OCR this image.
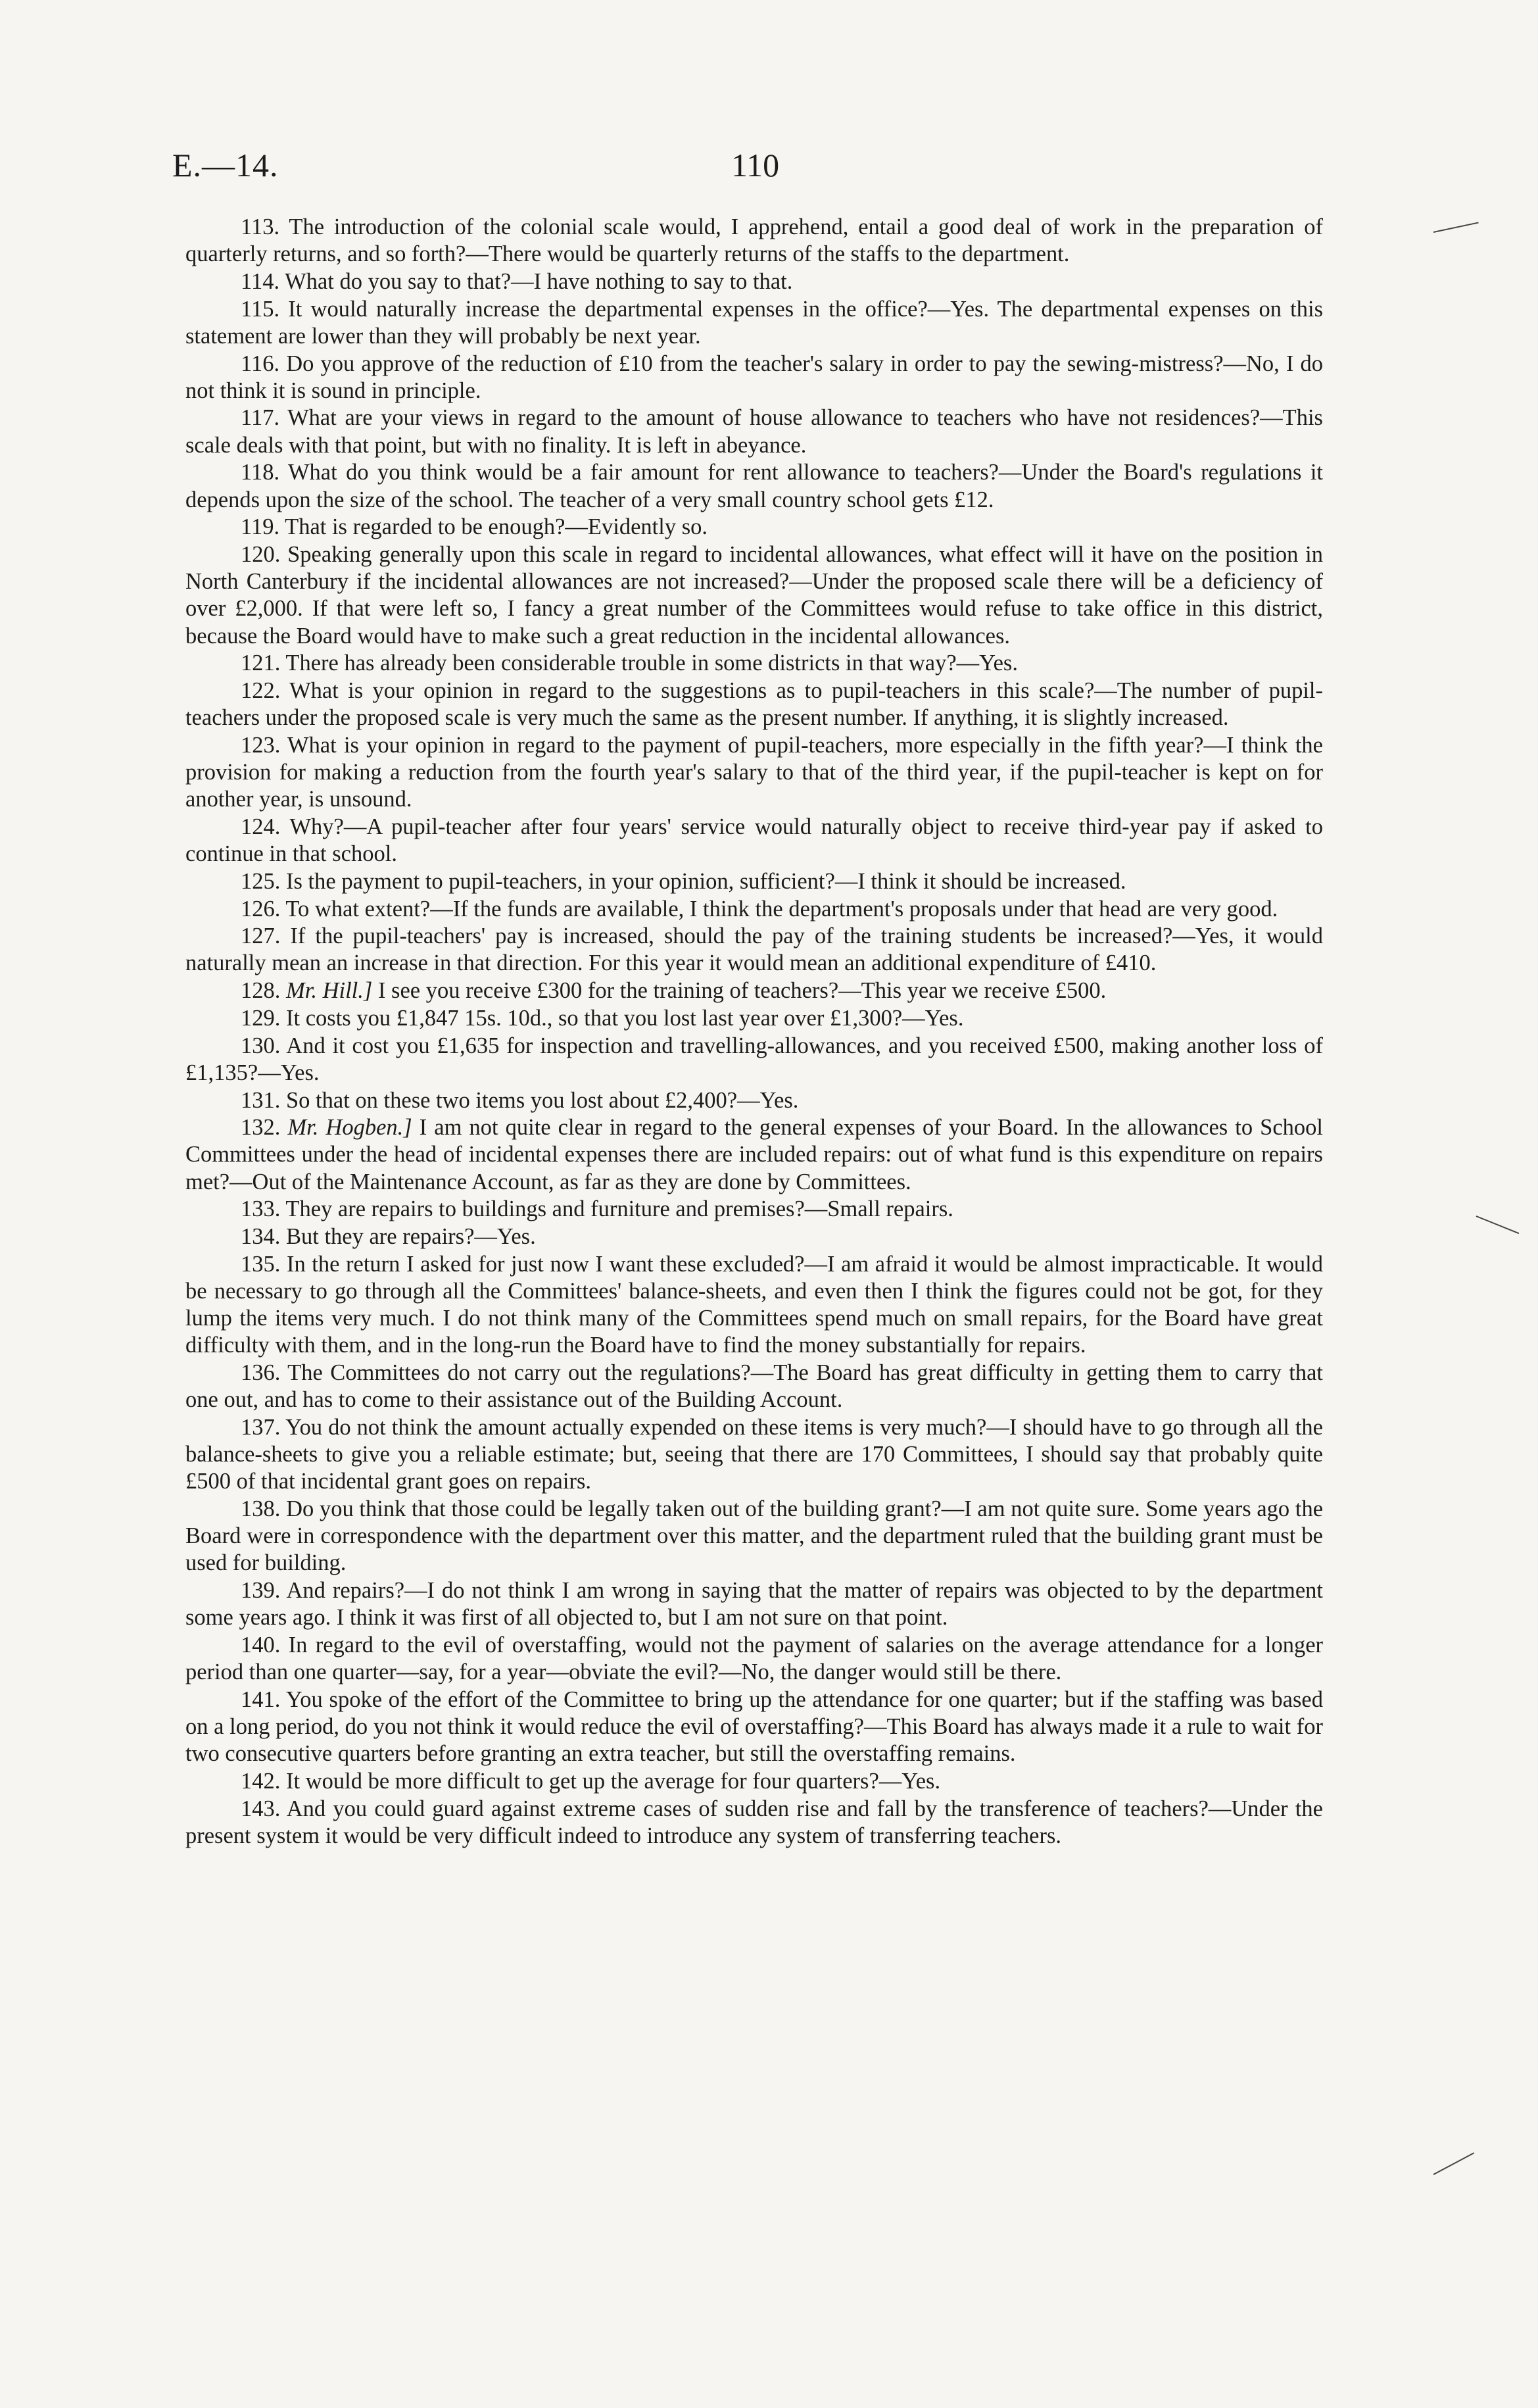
E.—14.	110

113. The introduction of the colonial scale would, I apprehend, entail a good deal of work in the preparation of quarterly returns, and so forth?—There would be quarterly returns of the staffs to the department.

114. What do you say to that?—I have nothing to say to that.

115. It would naturally increase the departmental expenses in the office?—Yes. The departmental expenses on this statement are lower than they will probably be next year.

116. Do you approve of the reduction of £10 from the teacher's salary in order to pay the sewing-mistress?—No, I do not think it is sound in principle.

117. What are your views in regard to the amount of house allowance to teachers who have not residences?—This scale deals with that point, but with no finality. It is left in abeyance.

118. What do you think would be a fair amount for rent allowance to teachers?—Under the Board's regulations it depends upon the size of the school. The teacher of a very small country school gets £12.

119. That is regarded to be enough?—Evidently so.

120. Speaking generally upon this scale in regard to incidental allowances, what effect will it have on the position in North Canterbury if the incidental allowances are not increased?—Under the proposed scale there will be a deficiency of over £2,000. If that were left so, I fancy a great number of the Committees would refuse to take office in this district, because the Board would have to make such a great reduction in the incidental allowances.

121. There has already been considerable trouble in some districts in that way?—Yes.

122. What is your opinion in regard to the suggestions as to pupil-teachers in this scale?—The number of pupil-teachers under the proposed scale is very much the same as the present number. If anything, it is slightly increased.

123. What is your opinion in regard to the payment of pupil-teachers, more especially in the fifth year?—I think the provision for making a reduction from the fourth year's salary to that of the third year, if the pupil-teacher is kept on for another year, is unsound.

124. Why?—A pupil-teacher after four years' service would naturally object to receive third-year pay if asked to continue in that school.

125. Is the payment to pupil-teachers, in your opinion, sufficient?—I think it should be increased.

126. To what extent?—If the funds are available, I think the department's proposals under that head are very good.

127. If the pupil-teachers' pay is increased, should the pay of the training students be increased?—Yes, it would naturally mean an increase in that direction. For this year it would mean an additional expenditure of £410.

128. Mr. Hill.] I see you receive £300 for the training of teachers?—This year we receive £500.

129. It costs you £1,847 15s. 10d., so that you lost last year over £1,300?—Yes.

130. And it cost you £1,635 for inspection and travelling-allowances, and you received £500, making another loss of £1,135?—Yes.

131. So that on these two items you lost about £2,400?—Yes.

132. Mr. Hogben.] I am not quite clear in regard to the general expenses of your Board. In the allowances to School Committees under the head of incidental expenses there are included repairs: out of what fund is this expenditure on repairs met?—Out of the Maintenance Account, as far as they are done by Committees.

133. They are repairs to buildings and furniture and premises?—Small repairs.

134. But they are repairs?—Yes.

135. In the return I asked for just now I want these excluded?—I am afraid it would be almost impracticable. It would be necessary to go through all the Committees' balance-sheets, and even then I think the figures could not be got, for they lump the items very much. I do not think many of the Committees spend much on small repairs, for the Board have great difficulty with them, and in the long-run the Board have to find the money substantially for repairs.

136. The Committees do not carry out the regulations?—The Board has great difficulty in getting them to carry that one out, and has to come to their assistance out of the Building Account.

137. You do not think the amount actually expended on these items is very much?—I should have to go through all the balance-sheets to give you a reliable estimate; but, seeing that there are 170 Committees, I should say that probably quite £500 of that incidental grant goes on repairs.

138. Do you think that those could be legally taken out of the building grant?—I am not quite sure. Some years ago the Board were in correspondence with the department over this matter, and the department ruled that the building grant must be used for building.

139. And repairs?—I do not think I am wrong in saying that the matter of repairs was objected to by the department some years ago. I think it was first of all objected to, but I am not sure on that point.

140. In regard to the evil of overstaffing, would not the payment of salaries on the average attendance for a longer period than one quarter—say, for a year—obviate the evil?—No, the danger would still be there.

141. You spoke of the effort of the Committee to bring up the attendance for one quarter; but if the staffing was based on a long period, do you not think it would reduce the evil of overstaffing?—This Board has always made it a rule to wait for two consecutive quarters before granting an extra teacher, but still the overstaffing remains.

142. It would be more difficult to get up the average for four quarters?—Yes.

143. And you could guard against extreme cases of sudden rise and fall by the transference of teachers?—Under the present system it would be very difficult indeed to introduce any system of transferring teachers.
